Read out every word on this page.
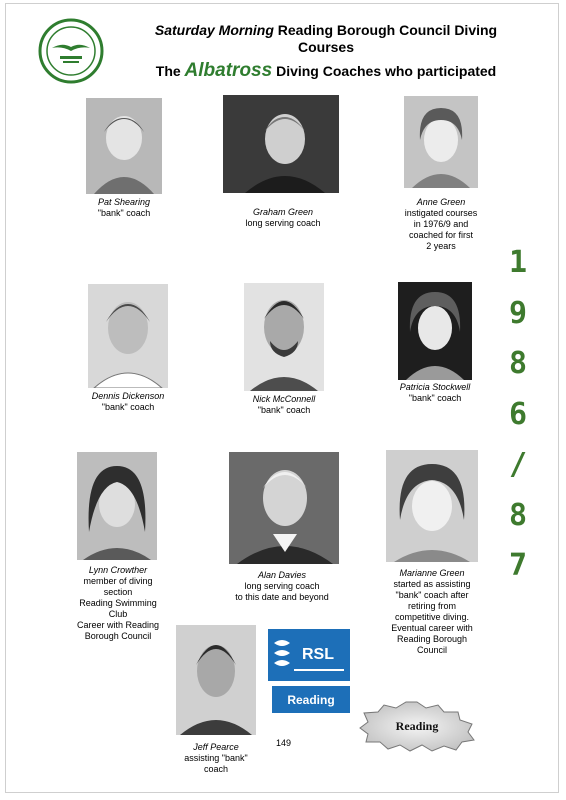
Saturday Morning Reading Borough Council Diving
Courses
The Albatross Diving Coaches who participated
Pat Shearing
"bank" coach	Graham Green
long serving coach
Anne Green
instigated courses
in 1976/9 and
coached for first
2 years
Dennis Dickenson
"bank" coach
Nick McConnell
"bank" coach
Patricia Stockwell
"bank" coach
Lynn Crowther
member of diving
section
Reading Swimming
Club
Career with Reading
Borough Council
Alan Davies
long serving coach
to this date and beyond
Marianne Green
started as assisting
"bank" coach after
retiring from
competitive diving.
Eventual career with
Reading Borough
Council
Jeff Pearce
assisting "bank"
coach
RSL
Reading
149
Reading
1
9
8
6
/
8
7
